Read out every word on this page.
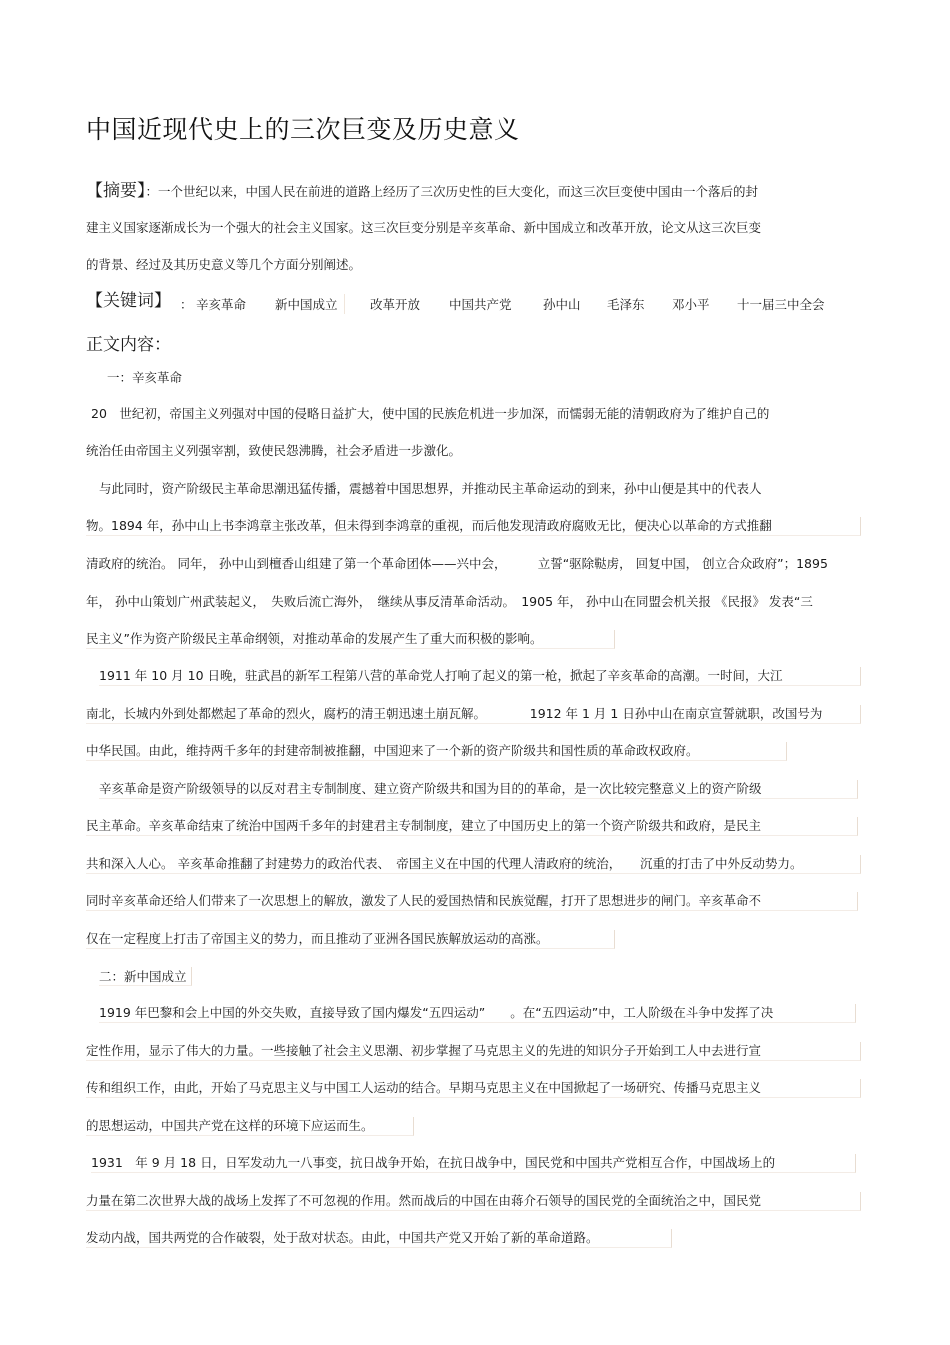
中国近现代史上的三次巨变及历史意义
【摘要】：一个世纪以来，中国人民在前进的道路上经历了三次历史性的巨大变化，而这三次巨变使中国由一个落后的封
建主义国家逐渐成长为一个强大的社会主义国家。这三次巨变分别是辛亥革命、新中国成立和改革开放，论文从这三次巨变
的背景、经过及其历史意义等几个方面分别阐述。
【关键词】 ： 辛亥革命 新中国成立	改革开放 中国共产党	孙中山 毛泽东 邓小平 十一届三中全会
正文内容：
一：辛亥革命
20　世纪初，帝国主义列强对中国的侵略日益扩大，使中国的民族危机进一步加深，而懦弱无能的清朝政府为了维护自己的
统治任由帝国主义列强宰割，致使民怨沸腾，社会矛盾进一步激化。
与此同时，资产阶级民主革命思潮迅猛传播，震撼着中国思想界，并推动民主革命运动的到来，孙中山便是其中的代表人
物。1894 年，孙中山上书李鸿章主张改革，但未得到李鸿章的重视，而后他发现清政府腐败无比，便决心以革命的方式推翻
清政府的统治。 同年， 孙中山到檀香山组建了第一个革命团体——兴中会，　　　立誓“驱除鞑虏， 回复中国， 创立合众政府”；1895
年， 孙中山策划广州武装起义，　失败后流亡海外，　继续从事反清革命活动。　1905 年， 孙中山在同盟会机关报 《民报》 发表“三
民主义”作为资产阶级民主革命纲领，对推动革命的发展产生了重大而积极的影响。
1911 年 10 月 10 日晚，驻武昌的新军工程第八营的革命党人打响了起义的第一枪，掀起了辛亥革命的高潮。一时间，大江
南北，长城内外到处都燃起了革命的烈火，腐朽的清王朝迅速土崩瓦解。　　　　1912 年 1 月 1 日孙中山在南京宣誓就职，改国号为
中华民国。由此，维持两千多年的封建帝制被推翻，中国迎来了一个新的资产阶级共和国性质的革命政权政府。
辛亥革命是资产阶级领导的以反对君主专制制度、建立资产阶级共和国为目的的革命，是一次比较完整意义上的资产阶级
民主革命。辛亥革命结束了统治中国两千多年的封建君主专制制度，建立了中国历史上的第一个资产阶级共和政府，是民主
共和深入人心。 辛亥革命推翻了封建势力的政治代表、　帝国主义在中国的代理人清政府的统治，　　沉重的打击了中外反动势力。
同时辛亥革命还给人们带来了一次思想上的解放，激发了人民的爱国热情和民族觉醒，打开了思想进步的闸门。辛亥革命不
仅在一定程度上打击了帝国主义的势力，而且推动了亚洲各国民族解放运动的高涨。
二：新中国成立
1919 年巴黎和会上中国的外交失败，直接导致了国内爆发“五四运动”　　。在“五四运动”中，工人阶级在斗争中发挥了决
定性作用，显示了伟大的力量。一些接触了社会主义思潮、初步掌握了马克思主义的先进的知识分子开始到工人中去进行宣
传和组织工作，由此，开始了马克思主义与中国工人运动的结合。早期马克思主义在中国掀起了一场研究、传播马克思主义
的思想运动，中国共产党在这样的环境下应运而生。
1931　年 9 月 18 日，日军发动九一八事变，抗日战争开始，在抗日战争中，国民党和中国共产党相互合作，中国战场上的
力量在第二次世界大战的战场上发挥了不可忽视的作用。然而战后的中国在由蒋介石领导的国民党的全面统治之中，国民党
发动内战，国共两党的合作破裂，处于敌对状态。由此，中国共产党又开始了新的革命道路。
